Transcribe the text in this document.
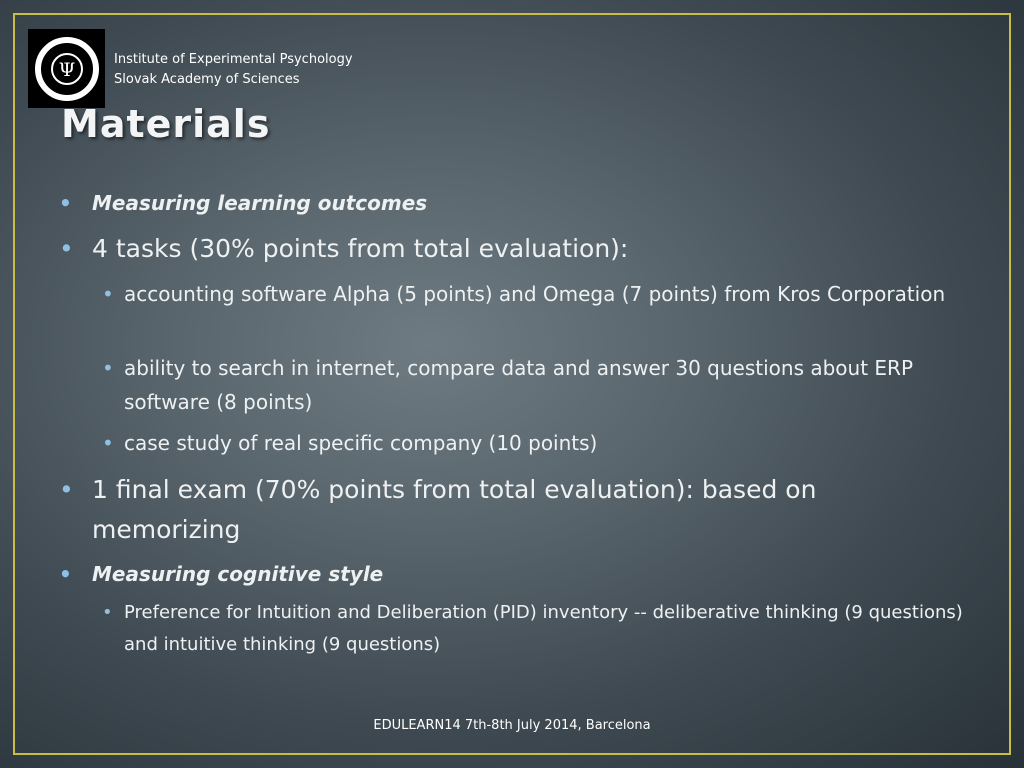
Ψ	Institute of Experimental Psychology
Slovak Academy of Sciences
Materials
• Measuring learning outcomes
• 4 tasks (30% points from total evaluation):
• accounting software Alpha (5 points) and Omega (7 points) from Kros Corporation
• ability to search in internet, compare data and answer 30 questions about ERP software (8 points)
• case study of real specific company (10 points)
• 1 final exam (70% points from total evaluation): based on memorizing
• Measuring cognitive style
• Preference for Intuition and Deliberation (PID) inventory -- deliberative thinking (9 questions) and intuitive thinking (9 questions)
EDULEARN14 7th-8th July 2014, Barcelona
